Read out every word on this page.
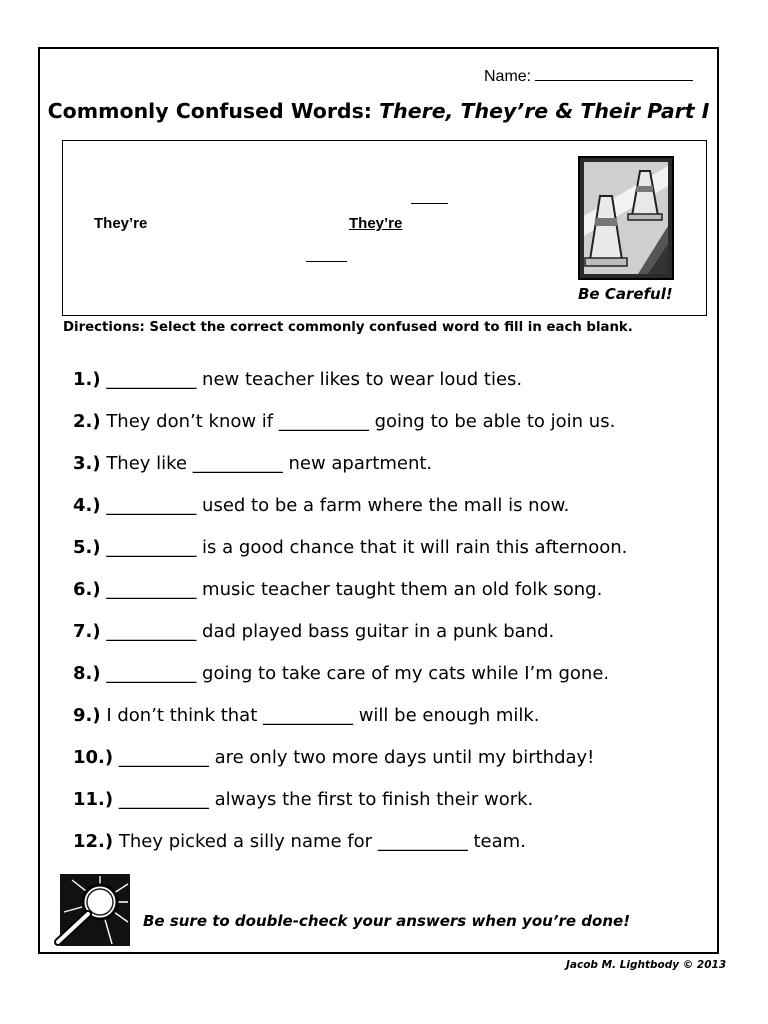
Name:
Commonly Confused Words: There, They’re & Their Part I
They’re	They’re
Be Careful!
Directions: Select the correct commonly confused word to fill in each blank.
1.) __________ new teacher likes to wear loud ties.
2.) They don’t know if __________ going to be able to join us.
3.) They like __________ new apartment.
4.) __________ used to be a farm where the mall is now.
5.) __________ is a good chance that it will rain this afternoon.
6.) __________ music teacher taught them an old folk song.
7.) __________ dad played bass guitar in a punk band.
8.) __________ going to take care of my cats while I’m gone.
9.) I don’t think that __________ will be enough milk.
10.) __________ are only two more days until my birthday!
11.) __________ always the first to finish their work.
12.) They picked a silly name for __________ team.
Be sure to double-check your answers when you’re done!
Jacob M. Lightbody © 2013
